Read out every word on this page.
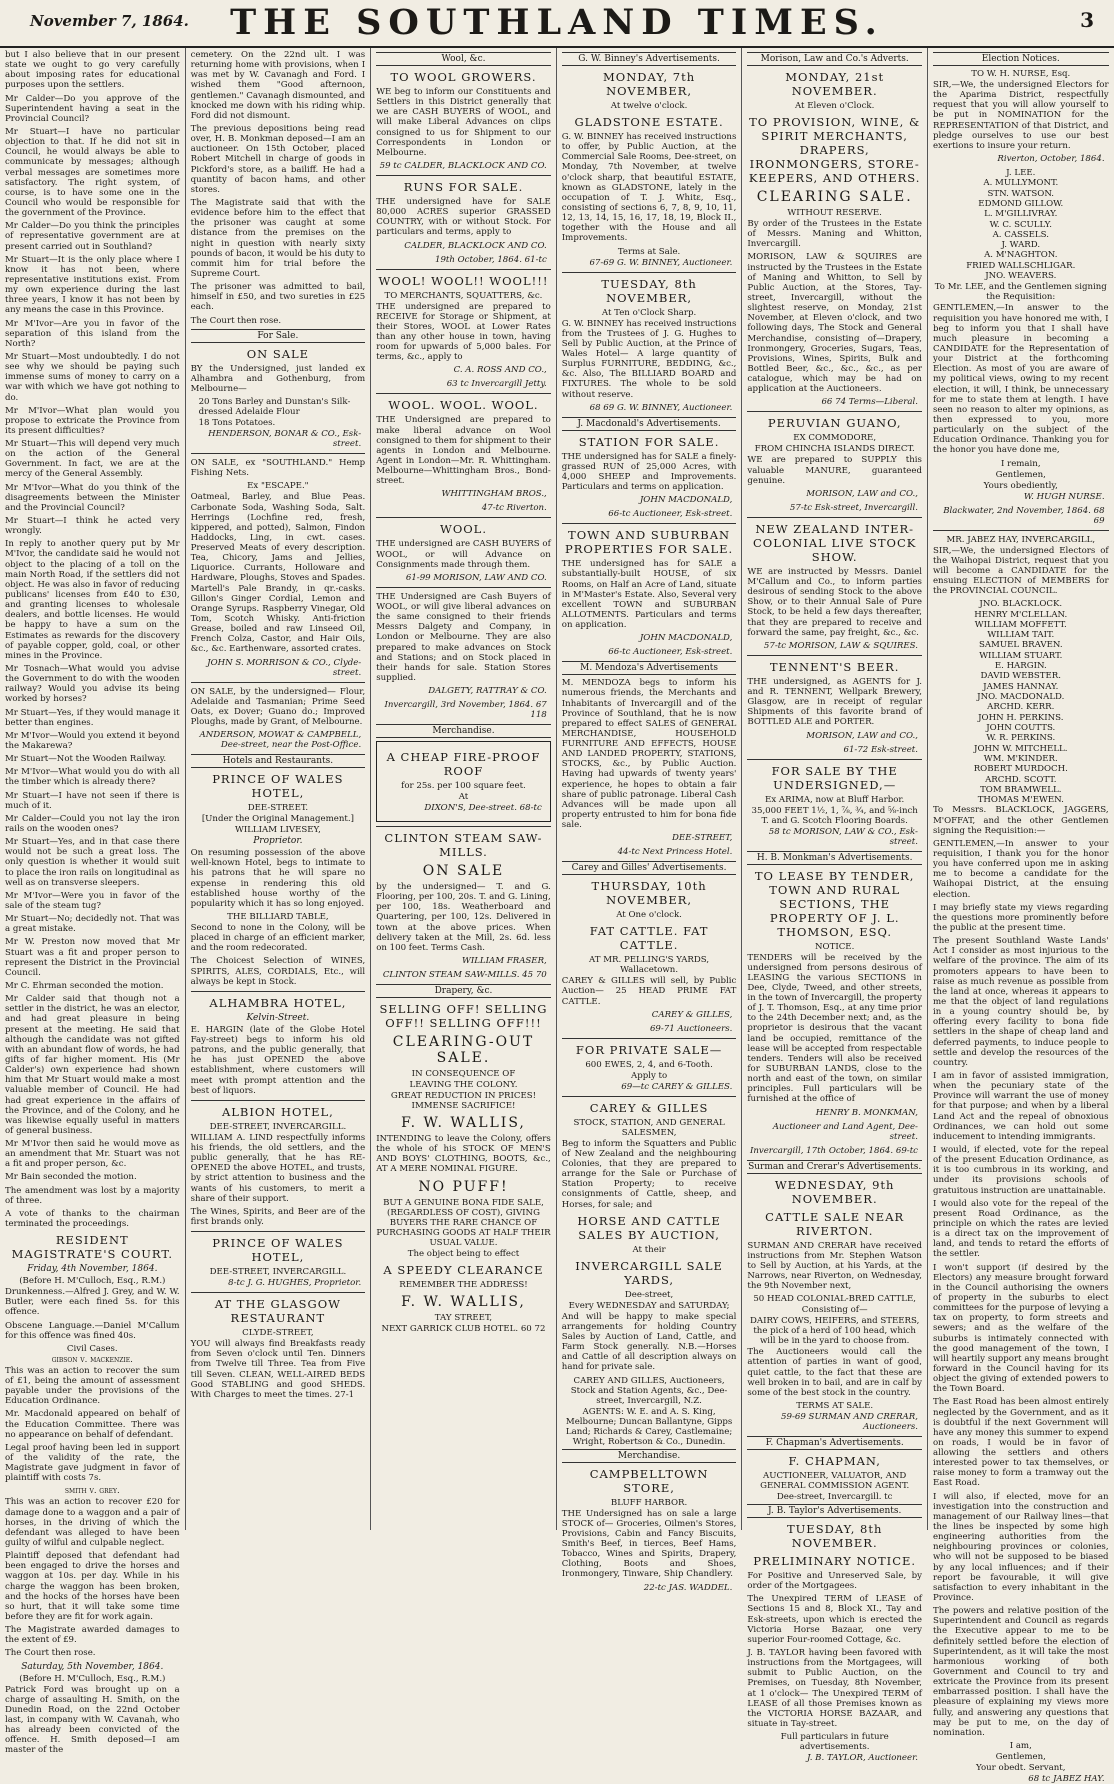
November 7, 1864.	THE SOUTHLAND TIMES.	3

but I also believe that in our present state we ought to go very carefully about imposing rates for educational purposes upon the settlers.

Mr Calder—Do you approve of the Superintendent having a seat in the Provincial Council?

Mr Stuart—I have no particular objection to that. If he did not sit in Council, he would always be able to communicate by messages; although verbal messages are sometimes more satisfactory. The right system, of course, is to have some one in the Council who would be responsible for the government of the Province.

Mr Calder—Do you think the principles of representative government are at present carried out in Southland?

Mr Stuart—It is the only place where I know it has not been, where representative institutions exist. From my own experience during the last three years, I know it has not been by any means the case in this Province.

Mr M'Ivor—Are you in favor of the separation of this island from the North?

Mr Stuart—Most undoubtedly. I do not see why we should be paying such immense sums of money to carry on a war with which we have got nothing to do.

Mr M'Ivor—What plan would you propose to extricate the Province from its present difficulties?

Mr Stuart—This will depend very much on the action of the General Government. In fact, we are at the mercy of the General Assembly.

Mr M'Ivor—What do you think of the disagreements between the Minister and the Provincial Council?

Mr Stuart—I think he acted very wrongly.

In reply to another query put by Mr M'Ivor, the candidate said he would not object to the placing of a toll on the main North Road, if the settlers did not object. He was also in favor of reducing publicans' licenses from £40 to £30, and granting licenses to wholesale dealers, and bottle licenses. He would be happy to have a sum on the Estimates as rewards for the discovery of payable copper, gold, coal, or other mines in the Province.

Mr Tosnach—What would you advise the Government to do with the wooden railway? Would you advise its being worked by horses?

Mr Stuart—Yes, if they would manage it better than engines.

Mr M'Ivor—Would you extend it beyond the Makarewa?

Mr Stuart—Not the Wooden Railway.

Mr M'Ivor—What would you do with all the timber which is already there?

Mr Stuart—I have not seen if there is much of it.

Mr Calder—Could you not lay the iron rails on the wooden ones?

Mr Stuart—Yes, and in that case there would not be such a great loss. The only question is whether it would suit to place the iron rails on longitudinal as well as on transverse sleepers.

Mr M'Ivor—Were you in favor of the sale of the steam tug?

Mr Stuart—No; decidedly not. That was a great mistake.

Mr W. Preston now moved that Mr Stuart was a fit and proper person to represent the District in the Provincial Council.

Mr C. Ehrman seconded the motion.

Mr Calder said that though not a settler in the district, he was an elector, and had great pleasure in being present at the meeting. He said that although the candidate was not gifted with an abundant flow of words, he had gifts of far higher moment. His (Mr Calder's) own experience had shown him that Mr Stuart would make a most valuable member of Council. He had had great experience in the affairs of the Province, and of the Colony, and he was likewise equally useful in matters of general business.

Mr M'Ivor then said he would move as an amendment that Mr. Stuart was not a fit and proper person, &c.

Mr Bain seconded the motion.

The amendment was lost by a majority of three.

A vote of thanks to the chairman terminated the proceedings.

RESIDENT MAGISTRATE'S COURT.
Friday, 4th November, 1864.
(Before H. M'Culloch, Esq., R.M.)

Drunkenness.—Alfred J. Grey, and W. W. Butler, were each fined 5s. for this offence.

Obscene Language.—Daniel M'Callum for this offence was fined 40s.

Civil Cases.
gibson v. mackenzie.

This was an action to recover the sum of £1, being the amount of assessment payable under the provisions of the Education Ordinance.

Mr. Macdonald appeared on behalf of the Education Committee. There was no appearance on behalf of defendant.

Legal proof having been led in support of the validity of the rate, the Magistrate gave judgment in favor of plaintiff with costs 7s.

smith v. grey.

This was an action to recover £20 for damage done to a waggon and a pair of horses, in the driving of which the defendant was alleged to have been guilty of wilful and culpable neglect.

Plaintiff deposed that defendant had been engaged to drive the horses and waggon at 10s. per day. While in his charge the waggon has been broken, and the hocks of the horses have been so hurt, that it will take some time before they are fit for work again.

The Magistrate awarded damages to the extent of £9.

The Court then rose.

Saturday, 5th November, 1864.
(Before H. M'Culloch, Esq., R.M.)

Patrick Ford was brought up on a charge of assaulting H. Smith, on the Dunedin Road, on the 22nd October last, in company with W. Cavanah, who has already been convicted of the offence. H. Smith deposed—I am master of the

cemetery. On the 22nd ult. I was returning home with provisions, when I was met by W. Cavanagh and Ford. I wished them "Good afternoon, gentlemen." Cavanagh dismounted, and knocked me down with his riding whip. Ford did not dismount.

The previous depositions being read over, H. B. Monkman deposed—I am an auctioneer. On 15th October, placed Robert Mitchell in charge of goods in Pickford's store, as a bailiff. He had a quantity of bacon hams, and other stores.

The Magistrate said that with the evidence before him to the effect that the prisoner was caught at some distance from the premises on the night in question with nearly sixty pounds of bacon, it would be his duty to commit him for trial before the Supreme Court.

The prisoner was admitted to bail, himself in £50, and two sureties in £25 each.

The Court then rose.

For Sale.
ON SALE

BY the Undersigned, just landed ex Alhambra and Gothenburg, from Melbourne—

20 Tons Barley and Dunstan's Silk-dressed Adelaide Flour
18 Tons Potatoes.
HENDERSON, BONAR & CO., Esk-street.

ON SALE, ex "SOUTHLAND." Hemp Fishing Nets.

Ex "ESCAPE."

Oatmeal, Barley, and Blue Peas. Carbonate Soda, Washing Soda, Salt. Herrings (Lochfine red, fresh, kippered, and potted), Salmon, Findon Haddocks, Ling, in cwt. cases. Preserved Meats of every description. Tea, Chicory, Jams and Jellies, Liquorice. Currants, Holloware and Hardware, Ploughs, Stoves and Spades. Martell's Pale Brandy, in qr.-casks. Gillon's Ginger Cordial, Lemon and Orange Syrups. Raspberry Vinegar, Old Tom, Scotch Whisky. Anti-friction Grease, boiled and raw Linseed Oil, French Colza, Castor, and Hair Oils, &c., &c. Earthenware, assorted crates.

JOHN S. MORRISON & CO., Clyde-street.

ON SALE, by the undersigned— Flour, Adelaide and Tasmanian; Prime Seed Oats, ex Dover; Guano do.; Improved Ploughs, made by Grant, of Melbourne.

ANDERSON, MOWAT & CAMPBELL, Dee-street, near the Post-Office.
Hotels and Restaurants.
PRINCE OF WALES HOTEL,
DEE-STREET.
[Under the Original Management.]
WILLIAM LIVESEY,
Proprietor.

On resuming possession of the above well-known Hotel, begs to intimate to his patrons that he will spare no expense in rendering this old established house worthy of the popularity which it has so long enjoyed.

THE BILLIARD TABLE,

Second to none in the Colony, will be placed in charge of an efficient marker, and the room redecorated.

The Choicest Selection of WINES, SPIRITS, ALES, CORDIALS, Etc., will always be kept in Stock.

ALHAMBRA HOTEL,
Kelvin-Street.

E. HARGIN (late of the Globe Hotel Fay-street) begs to inform his old patrons, and the public generally, that he has just OPENED the above establishment, where customers will meet with prompt attention and the best of liquors.

ALBION HOTEL,
DEE-STREET, INVERCARGILL.

WILLIAM A. LIND respectfully informs his friends, the old settlers, and the public generally, that he has RE-OPENED the above HOTEL, and trusts, by strict attention to business and the wants of his customers, to merit a share of their support.

The Wines, Spirits, and Beer are of the first brands only.

PRINCE OF WALES HOTEL,
DEE-STREET, INVERCARGILL.
8-tc J. G. HUGHES, Proprietor.
AT THE GLASGOW RESTAURANT
CLYDE-STREET,

YOU will always find Breakfasts ready from Seven o'clock until Ten. Dinners from Twelve till Three. Tea from Five till Seven. CLEAN, WELL-AIRED BEDS Good STABLING and good SHEDS. With Charges to meet the times. 27-1

Wool, &c.
TO WOOL GROWERS.

WE beg to inform our Constituents and Settlers in this District generally that we are CASH BUYERS of WOOL, and will make Liberal Advances on clips consigned to us for Shipment to our Correspondents in London or Melbourne.

59 tc CALDER, BLACKLOCK AND CO.
RUNS FOR SALE.

THE undersigned have for SALE 80,000 ACRES superior GRASSED COUNTRY, with or without Stock. For particulars and terms, apply to

CALDER, BLACKLOCK AND CO.
19th October, 1864. 61-tc
WOOL! WOOL!! WOOL!!!
TO MERCHANTS, SQUATTERS, &c.

THE undersigned are prepared to RECEIVE for Storage or Shipment, at their Stores, WOOL at Lower Rates than any other house in town, having room for upwards of 5,000 bales. For terms, &c., apply to

C. A. ROSS AND CO.,
63 tc Invercargill Jetty.
WOOL. WOOL. WOOL.

THE Undersigned are prepared to make liberal advance on Wool consigned to them for shipment to their agents in London and Melbourne. Agent in London—Mr. R. Whittingham. Melbourne—Whittingham Bros., Bond-street.

WHITTINGHAM BROS.,
47-tc Riverton.
WOOL.

THE undersigned are CASH BUYERS of WOOL, or will Advance on Consignments made through them.

61-99 MORISON, LAW AND CO.

THE Undersigned are Cash Buyers of WOOL, or will give liberal advances on the same consigned to their friends Messrs Dalgety and Company, in London or Melbourne. They are also prepared to make advances on Stock and Stations; and on Stock placed in their hands for sale. Station Stores supplied.

DALGETY, RATTRAY & CO.
Invercargill, 3rd November, 1864. 67 118
Merchandise.
A CHEAP FIRE-PROOF ROOF
for 25s. per 100 square feet.
At
DIXON'S, Dee-street. 68-tc
CLINTON STEAM SAW-MILLS.
ON SALE

by the undersigned— T. and G. Flooring, per 100, 20s. T. and G. Lining, per 100, 18s. Weatherboard and Quartering, per 100, 12s. Delivered in town at the above prices. When delivery taken at the Mill, 2s. 6d. less on 100 feet. Terms Cash.

WILLIAM FRASER,
CLINTON STEAM SAW-MILLS. 45 70
Drapery, &c.
SELLING OFF! SELLING OFF!! SELLING OFF!!!
CLEARING-OUT SALE.
IN CONSEQUENCE OF
LEAVING THE COLONY.
GREAT REDUCTION IN PRICES! IMMENSE SACRIFICE!
F. W. WALLIS,

INTENDING to leave the Colony, offers the whole of his STOCK OF MEN'S AND BOYS' CLOTHING, BOOTS, &c., AT A MERE NOMINAL FIGURE.

NO PUFF!
BUT A GENUINE BONA FIDE SALE, (REGARDLESS OF COST), GIVING BUYERS THE RARE CHANCE OF PURCHASING GOODS AT HALF THEIR USUAL VALUE.
The object being to effect
A SPEEDY CLEARANCE
REMEMBER THE ADDRESS!
F. W. WALLIS,
TAY STREET,
NEXT GARRICK CLUB HOTEL. 60 72
G. W. Binney's Advertisements.
MONDAY, 7th NOVEMBER,
At twelve o'clock.
GLADSTONE ESTATE.

G. W. BINNEY has received instructions to offer, by Public Auction, at the Commercial Sale Rooms, Dee-street, on Monday, 7th November, at twelve o'clock sharp, that beautiful ESTATE, known as GLADSTONE, lately in the occupation of T. J. Whitε, Esq., consisting of sections 6, 7, 8, 9, 10, 11, 12, 13, 14, 15, 16, 17, 18, 19, Block II., together with the House and all Improvements.

Terms at Sale.
67-69 G. W. BINNEY, Auctioneer.
TUESDAY, 8th NOVEMBER,
At Ten o'Clock Sharp.

G. W. BINNEY has received instructions from the Trustees of J. G. Hughes to Sell by Public Auction, at the Prince of Wales Hotel— A large quantity of Surplus FURNITURE, BEDDING, &c., &c. Also, The BILLIARD BOARD and FIXTURES. The whole to be sold without reserve.

68 69 G. W. BINNEY, Auctioneer.
J. Macdonald's Advertisements.
STATION FOR SALE.

THE undersigned has for SALE a finely-grassed RUN of 25,000 Acres, with 4,000 SHEEP and Improvements. Particulars and terms on application.

JOHN MACDONALD,
66-tc Auctioneer, Esk-street.
TOWN AND SUBURBAN PROPERTIES FOR SALE.

THE undersigned has for SALE a substantially-built HOUSE, of six Rooms, on Half an Acre of Land, situate in M'Master's Estate. Also, Several very excellent TOWN and SUBURBAN ALLOTMENTS. Particulars and terms on application.

JOHN MACDONALD,
66-tc Auctioneer, Esk-street.
M. Mendoza's Advertisements

M. MENDOZA begs to inform his numerous friends, the Merchants and Inhabitants of Invercargill and of the Province of Southland, that he is now prepared to effect SALES of GENERAL MERCHANDISE, HOUSEHOLD FURNITURE AND EFFECTS, HOUSE AND LANDED PROPERTY, STATIONS, STOCKS, &c., by Public Auction. Having had upwards of twenty years' experience, he hopes to obtain a fair share of public patronage. Liberal Cash Advances will be made upon all property entrusted to him for bona fide sale.

DEE-STREET,
44-tc Next Princess Hotel.
Carey and Gilles' Advertisements.
THURSDAY, 10th NOVEMBER,
At One o'clock.
FAT CATTLE. FAT CATTLE.
AT MR. PELLING'S YARDS, Wallacetown.

CAREY & GILLES will sell, by Public Auction— 25 HEAD PRIME FAT CATTLE.

CAREY & GILLES,
69-71 Auctioneers.
FOR PRIVATE SALE—
600 EWES, 2, 4, and 6-Tooth.
Apply to
69—tc CAREY & GILLES.
CAREY & GILLES
STOCK, STATION, AND GENERAL SALESMEN,

Beg to inform the Squatters and Public of New Zealand and the neighbouring Colonies, that they are prepared to arrange for the Sale or Purchase of Station Property; to receive consignments of Cattle, sheep, and Horses, for sale; and

HORSE AND CATTLE SALES BY AUCTION,
At their
INVERCARGILL SALE YARDS,
Dee-street,
Every WEDNESDAY and SATURDAY;

And will be happy to make special arrangements for holding Country Sales by Auction of Land, Cattle, and Farm Stock generally. N.B.—Horses and Cattle of all description always on hand for private sale.

CAREY AND GILLES, Auctioneers, Stock and Station Agents, &c., Dee-street, Invercargill, N.Z.
AGENTS: W. E. and A. S. King, Melbourne; Duncan Ballantyne, Gipps Land; Richards & Carey, Castlemaine; Wright, Robertson & Co., Dunedin.
Merchandise.
CAMPBELLTOWN STORE,
BLUFF HARBOR.

THE Undersigned has on sale a large STOCK of— Groceries, Oilmen's Stores, Provisions, Cabin and Fancy Biscuits, Smith's Beef, in tierces, Beef Hams, Tobacco, Wines and Spirits, Drapery, Clothing, Boots and Shoes, Ironmongery, Tinware, Ship Chandlery.

22-tc JAS. WADDEL.
Morison, Law and Co.'s Adverts.
MONDAY, 21st NOVEMBER.
At Eleven o'Clock.
TO PROVISION, WINE, & SPIRIT MERCHANTS, DRAPERS, IRONMONGERS, STORE-KEEPERS, AND OTHERS.
CLEARING SALE.
WITHOUT RESERVE.

By order of the Trustees in the Estate of Messrs. Maning and Whitton, Invercargill.

MORISON, LAW & SQUIRES are instructed by the Trustees in the Estate of Maning and Whitton, to Sell by Public Auction, at the Stores, Tay-street, Invercargill, without the slightest reserve, on Monday, 21st November, at Eleven o'clock, and two following days, The Stock and General Merchandise, consisting of—Drapery, Ironmongery, Groceries, Sugars, Teas, Provisions, Wines, Spirits, Bulk and Bottled Beer, &c., &c., &c., as per catalogue, which may be had on application at the Auctioneers.

66 74 Terms—Liberal.
PERUVIAN GUANO,
EX COMMODORE,
FROM CHINCHA ISLANDS DIRECT.

WE are prepared to SUPPLY this valuable MANURE, guaranteed genuine.

MORISON, LAW and CO.,
57-tc Esk-street, Invercargill.
NEW ZEALAND INTER-COLONIAL LIVE STOCK SHOW.

WE are instructed by Messrs. Daniel M'Callum and Co., to inform parties desirous of sending Stock to the above Show, or to their Annual Sale of Pure Stock, to be held a few days thereafter, that they are prepared to receive and forward the same, pay freight, &c., &c.

57-tc MORISON, LAW & SQUIRES.
TENNENT'S BEER.

THE undersigned, as AGENTS for J. and R. TENNENT, Wellpark Brewery, Glasgow, are in receipt of regular Shipments of this favorite brand of BOTTLED ALE and PORTER.

MORISON, LAW and CO.,
61-72 Esk-street.
FOR SALE BY THE UNDERSIGNED,—
Ex ARIMA, now at Bluff Harbor.
35,000 FEET 1½, 1, ⅞, ¾, and ⅝-inch T. and G. Scotch Flooring Boards.
58 tc MORISON, LAW & CO., Esk-street.
H. B. Monkman's Advertisements.
TO LEASE BY TENDER, TOWN AND RURAL SECTIONS, THE PROPERTY OF J. L. THOMSON, ESQ.
NOTICE.

TENDERS will be received by the undersigned from persons desirous of LEASING the various SECTIONS in Dee, Clyde, Tweed, and other streets, in the town of Invercargill, the property of J. T. Thomson, Esq., at any time prior to the 24th December next; and, as the proprietor is desirous that the vacant land be occupied, remittance of the lease will be accepted from respectable tenders. Tenders will also be received for SUBURBAN LANDS, close to the north and east of the town, on similar principles. Full particulars will be furnished at the office of

HENRY B. MONKMAN,
Auctioneer and Land Agent, Dee-street.
Invercargill, 17th October, 1864. 69-tc
Surman and Crerar's Advertisements.
WEDNESDAY, 9th NOVEMBER.
CATTLE SALE NEAR RIVERTON.

SURMAN AND CRERAR have received instructions from Mr. Stephen Watson to Sell by Auction, at his Yards, at the Narrows, near Riverton, on Wednesday, the 9th November next,

50 HEAD COLONIAL-BRED CATTLE,
Consisting of—
DAIRY COWS, HEIFERS, and STEERS, the pick of a herd of 100 head, which will be in the yard to choose from.

The Auctioneers would call the attention of parties in want of good, quiet cattle, to the fact that these are well broken in to bail, and are in calf by some of the best stock in the country.

TERMS AT SALE.
59-69 SURMAN AND CRERAR, Auctioneers.
F. Chapman's Advertisements.
F. CHAPMAN,
AUCTIONEER, VALUATOR, AND GENERAL COMMISSION AGENT.
Dee-street, Invercargill. tc
J. B. Taylor's Advertisements.
TUESDAY, 8th NOVEMBER.
PRELIMINARY NOTICE.

For Positive and Unreserved Sale, by order of the Mortgagees.

The Unexpired TERM of LEASE of Sections 15 and 8, Block XI., Tay and Esk-streets, upon which is erected the Victoria Horse Bazaar, one very superior Four-roomed Cottage, &c.

J. B. TAYLOR having been favored with instructions from the Mortgagees, will submit to Public Auction, on the Premises, on Tuesday, 8th November, at 1 o'clock— The Unexpired TERM of LEASE of all those Premises known as the VICTORIA HORSE BAZAAR, and situate in Tay-street.

Full particulars in future advertisements.
J. B. TAYLOR, Auctioneer.
Election Notices.
TO W. H. NURSE, Esq.

SIR,—We, the undersigned Electors for the Aparima District, respectfully request that you will allow yourself to be put in NOMINATION for the REPRESENTATION of that District, and pledge ourselves to use our best exertions to insure your return.

Riverton, October, 1864.
J. LEE.
A. MULLYMONT.
STN. WATSON.
EDMOND GILLOW.
L. M'GILLIVRAY.
W. C. SCULLY.
A. CASSELS.
J. WARD.
A. M'NAGHTON.
FRIED WALLSCHLIGAR.
JNO. WEAVERS.
To Mr. LEE, and the Gentlemen signing the Requisition:

GENTLEMEN,—In answer to the requisition you have honored me with, I beg to inform you that I shall have much pleasure in becoming a CANDIDATE for the Representation of your District at the forthcoming Election. As most of you are aware of my political views, owing to my recent election, it will, I think, be unnecessary for me to state them at length. I have seen no reason to alter my opinions, as then expressed to you, more particularly on the subject of the Education Ordinance. Thanking you for the honor you have done me,

I remain,
Gentlemen,
Yours obediently,
W. HUGH NURSE.
Blackwater, 2nd November, 1864. 68 69
MR. JABEZ HAY, INVERCARGILL,

SIR,—We, the undersigned Electors of the Waihopai District, request that you will become a CANDIDATE for the ensuing ELECTION of MEMBERS for the PROVINCIAL COUNCIL.

JNO. BLACKLOCK.
HENRY M'CLELLAN.
WILLIAM MOFFETT.
WILLIAM TAIT.
SAMUEL BRAVEN.
WILLIAM STUART.
E. HARGIN.
DAVID WEBSTER.
JAMES HANNAY.
JNO. MACDONALD.
ARCHD. KERR.
JOHN H. PERKINS.
JOHN COUTTS.
W. R. PERKINS.
JOHN W. MITCHELL.
WM. M'KINDER.
ROBERT MURDOCH.
ARCHD. SCOTT.
TOM BRAMWELL.
THOMAS M'EWEN.

To Messrs. BLACKLOCK, JAGGERS, M'OFFAT, and the other Gentlemen signing the Requisition:—

GENTLEMEN,—In answer to your requisition, I thank you for the honor you have conferred upon me in asking me to become a candidate for the Waihopai District, at the ensuing election.

I may briefly state my views regarding the questions more prominently before the public at the present time.

The present Southland Waste Lands' Act I consider as most injurious to the welfare of the province. The aim of its promoters appears to have been to raise as much revenue as possible from the land at once, whereas it appears to me that the object of land regulations in a young country should be, by offering every facility to bona fide settlers in the shape of cheap land and deferred payments, to induce people to settle and develop the resources of the country.

I am in favor of assisted immigration, when the pecuniary state of the Province will warrant the use of money for that purpose; and when by a liberal Land Act and the repeal of obnoxious Ordinances, we can hold out some inducement to intending immigrants.

I would, if elected, vote for the repeal of the present Education Ordinance, as it is too cumbrous in its working, and under its provisions schools of gratuitous instruction are unattainable.

I would also vote for the repeal of the present Road Ordinance, as the principle on which the rates are levied is a direct tax on the improvement of land, and tends to retard the efforts of the settler.

I won't support (if desired by the Electors) any measure brought forward in the Council authorising the owners of property in the suburbs to elect committees for the purpose of levying a tax on property, to form streets and sewers; and as the welfare of the suburbs is intimately connected with the good management of the town, I will heartily support any means brought forward in the Council having for its object the giving of extended powers to the Town Board.

The East Road has been almost entirely neglected by the Government, and as it is doubtful if the next Government will have any money this summer to expend on roads, I would be in favor of allowing the settlers and others interested power to tax themselves, or raise money to form a tramway out the East Road.

I will also, if elected, move for an investigation into the construction and management of our Railway lines—that the lines be inspected by some high engineering authorities from the neighbouring provinces or colonies, who will not be supposed to be biased by any local influences; and if their report be favourable, it will give satisfaction to every inhabitant in the Province.

The powers and relative position of the Superintendent and Council as regards the Executive appear to me to be definitely settled before the election of Superintendent, as it will take the most harmonious working of both Government and Council to try and extricate the Province from its present embarrassed position. I shall have the pleasure of explaining my views more fully, and answering any questions that may be put to me, on the day of nomination.

I am,
Gentlemen,
Your obedt. Servant,
68 tc JABEZ HAY.
